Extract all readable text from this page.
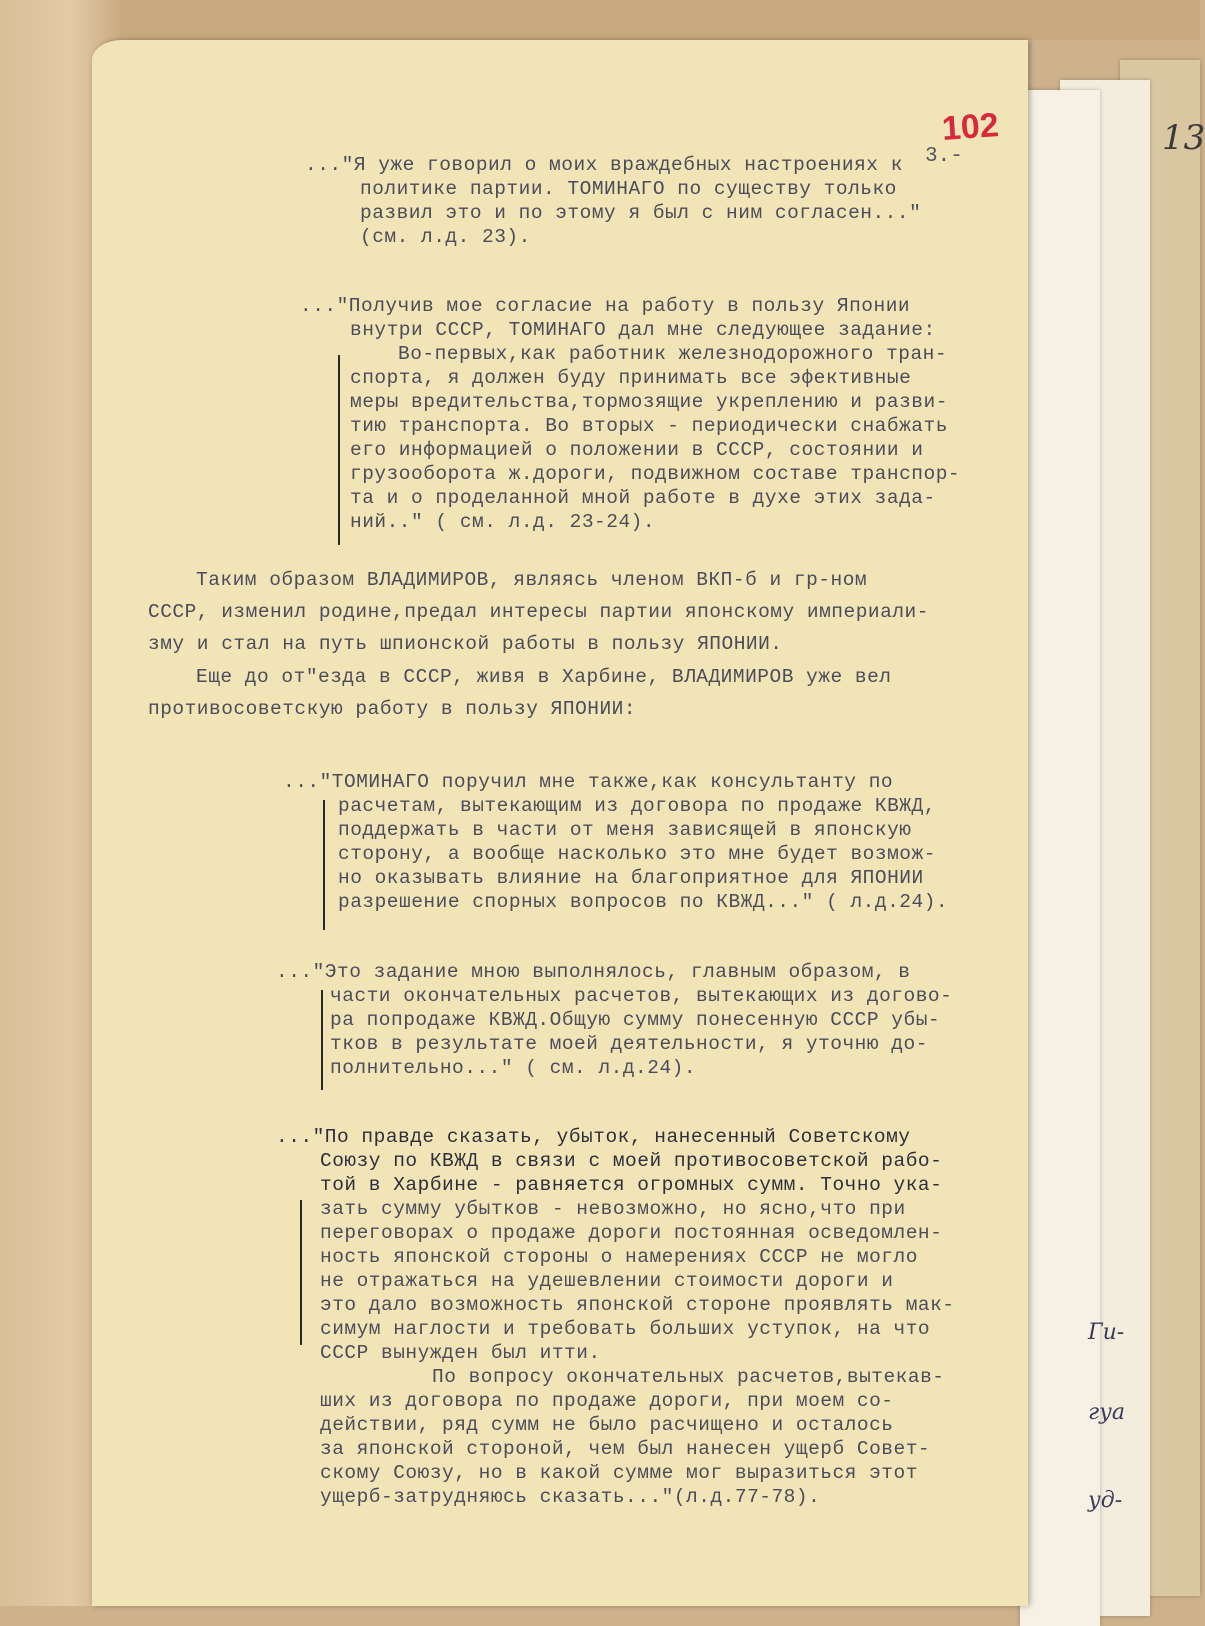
13
Ги-
гуа
уд-
102
3.-
..."Я уже говорил о моих враждебных настроениях к
политике партии. ТОМИНАГО по существу только
развил это и по этому я был с ним согласен..."
(см. л.д. 23).
..."Получив мое согласие на работу в пользу Японии
внутри СССР, ТОМИНАГО дал мне следующее задание:
Во-первых,как работник железнодорожного тран-
спорта, я должен буду принимать все эфективные
меры вредительства,тормозящие укреплению и разви-
тию транспорта. Во вторых - периодически снабжать
его информацией о положении в СССР, состоянии и
грузооборота ж.дороги, подвижном составе транспор-
та и о проделанной мной работе в духе этих зада-
ний.." ( см. л.д. 23-24).
Таким образом ВЛАДИМИРОВ, являясь членом ВКП-б и гр-ном
СССР, изменил родине,предал интересы партии японскому империали-
зму и стал на путь шпионской работы в пользу ЯПОНИИ.
Еще до от"езда в СССР, живя в Харбине, ВЛАДИМИРОВ уже вел
противосоветскую работу в пользу ЯПОНИИ:
..."ТОМИНАГО поручил мне также,как консультанту по
расчетам, вытекающим из договора по продаже КВЖД,
поддержать в части от меня зависящей в японскую
сторону, а вообще насколько это мне будет возмож-
но оказывать влияние на благоприятное для ЯПОНИИ
разрешение спорных вопросов по КВЖД..." ( л.д.24).
..."Это задание мною выполнялось, главным образом, в
части окончательных расчетов, вытекающих из догово-
ра попродаже КВЖД.Общую сумму понесенную СССР убы-
тков в результате моей деятельности, я уточню до-
полнительно..." ( см. л.д.24).
..."По правде сказать, убыток, нанесенный Советскому
Союзу по КВЖД в связи с моей противосоветской рабо-
той в Харбине - равняется огромных сумм. Точно ука-
зать сумму убытков - невозможно, но ясно,что при
переговорах о продаже дороги постоянная осведомлен-
ность японской стороны о намерениях СССР не могло
не отражаться на удешевлении стоимости дороги и
это дало возможность японской стороне проявлять мак-
симум наглости и требовать больших уступок, на что
СССР вынужден был итти.
По вопросу окончательных расчетов,вытекав-
ших из договора по продаже дороги, при моем со-
действии, ряд сумм не было расчищено и осталось
за японской стороной, чем был нанесен ущерб Совет-
скому Союзу, но в какой сумме мог выразиться этот
ущерб-затрудняюсь сказать..."(л.д.77-78).
